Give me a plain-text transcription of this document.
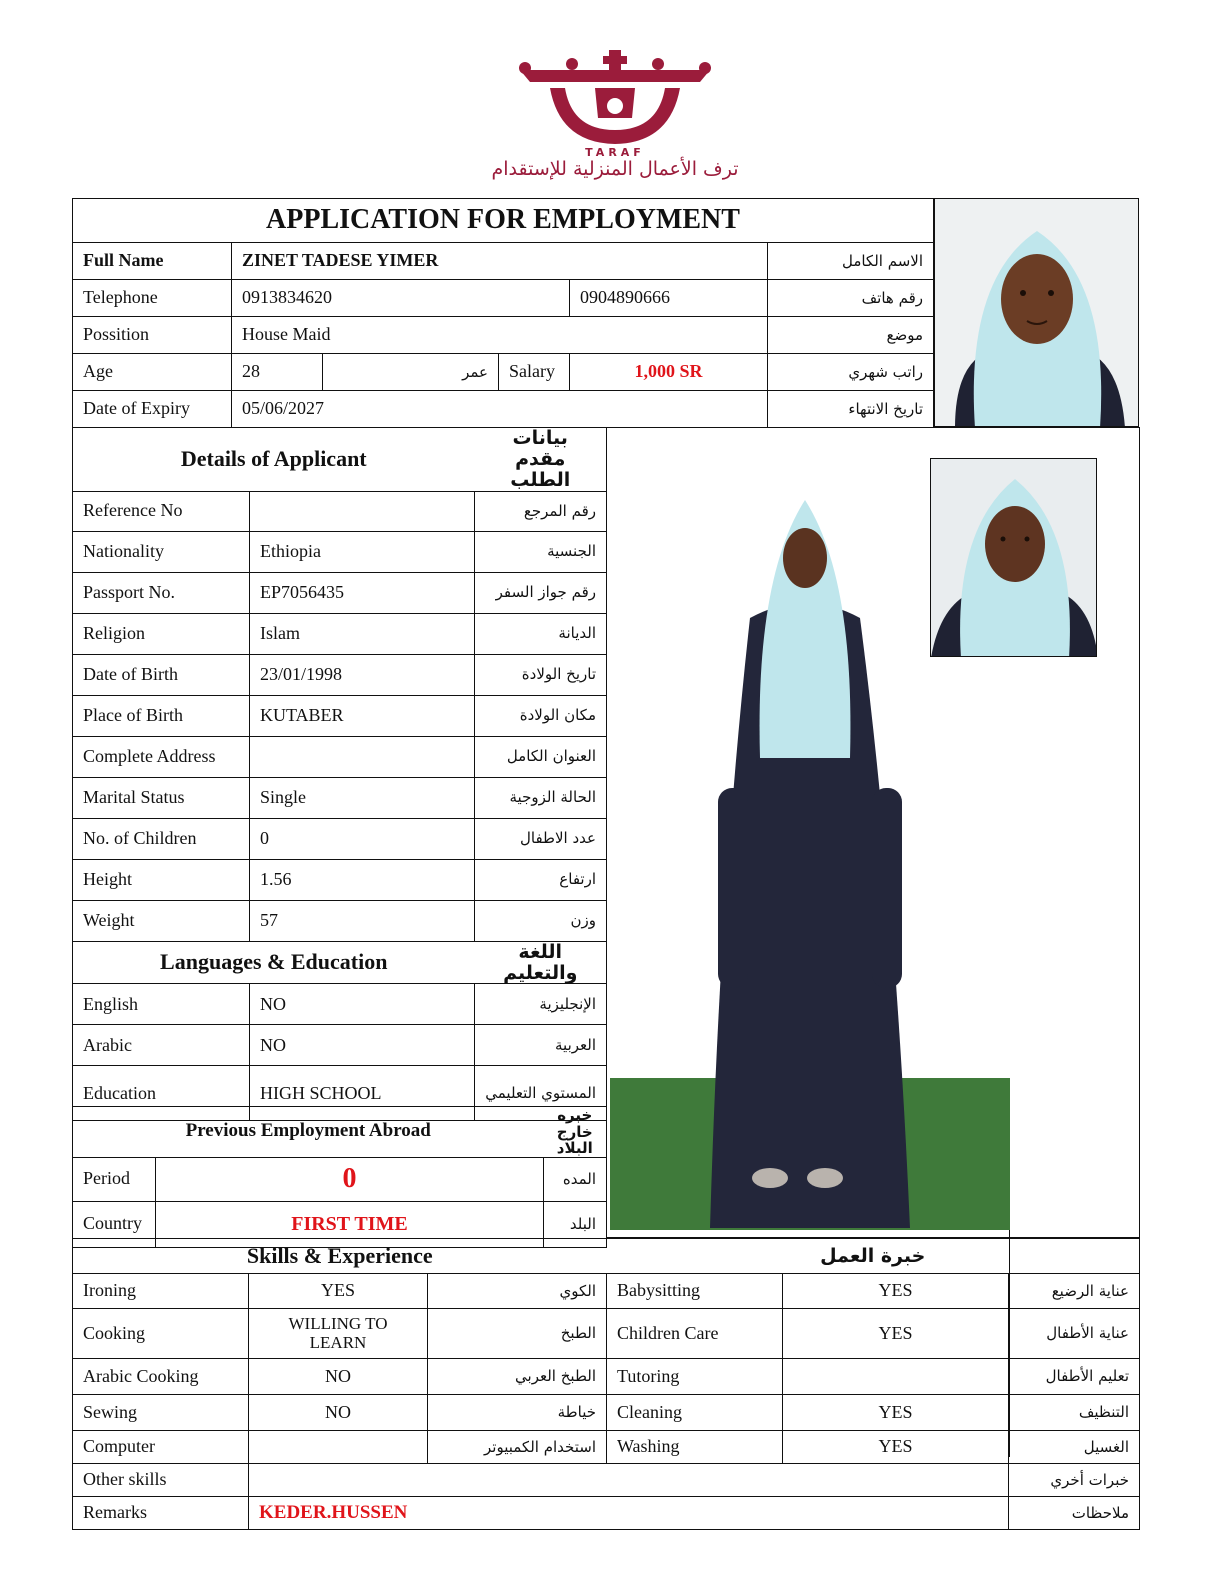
TARAF
ترف الأعمال المنزلية للإستقدام
APPLICATION FOR EMPLOYMENT					
Full Name	ZINET TADESE YIMER				الاسم الكامل
Telephone	0913834620			0904890666	رقم هاتف
Possition	House Maid				موضع
Age	28	عمر	Salary	1,000 SR	راتب شهري
Date of Expiry	05/06/2027				تاريخ الانتهاء
Details of Applicant		بيانات مقدم الطلب
Reference No		رقم المرجع
Nationality	Ethiopia	الجنسية
Passport No.	EP7056435	رقم جواز السفر
Religion	Islam	الديانة
Date of Birth	23/01/1998	تاريخ الولادة
Place of Birth	KUTABER	مكان الولادة
Complete Address		العنوان الكامل
Marital Status	Single	الحالة الزوجية
No. of Children	0	عدد الاطفال
Height	1.56	ارتفاع
Weight	57	وزن
Languages & Education		اللغة والتعليم
English	NO	الإنجليزية
Arabic	NO	العربية
Education	HIGH SCHOOL	المستوي التعليمي
Previous Employment Abroad		خبره خارج البلاد
Period	0	المده
Country	FIRST TIME	البلد
Skills & Experience			خبرة العمل		
Ironing	YES	الكوي	Babysitting	YES	عناية الرضيع
Cooking	WILLING TO LEARN	الطبخ	Children Care	YES	عناية الأطفال
Arabic Cooking	NO	الطبخ العربي	Tutoring		تعليم الأطفال
Sewing	NO	خياطة	Cleaning	YES	التنظيف
Computer		استخدام الكمبيوتر	Washing	YES	الغسيل
Other skills					خبرات أخري
Remarks	KEDER.HUSSEN				ملاحظات
